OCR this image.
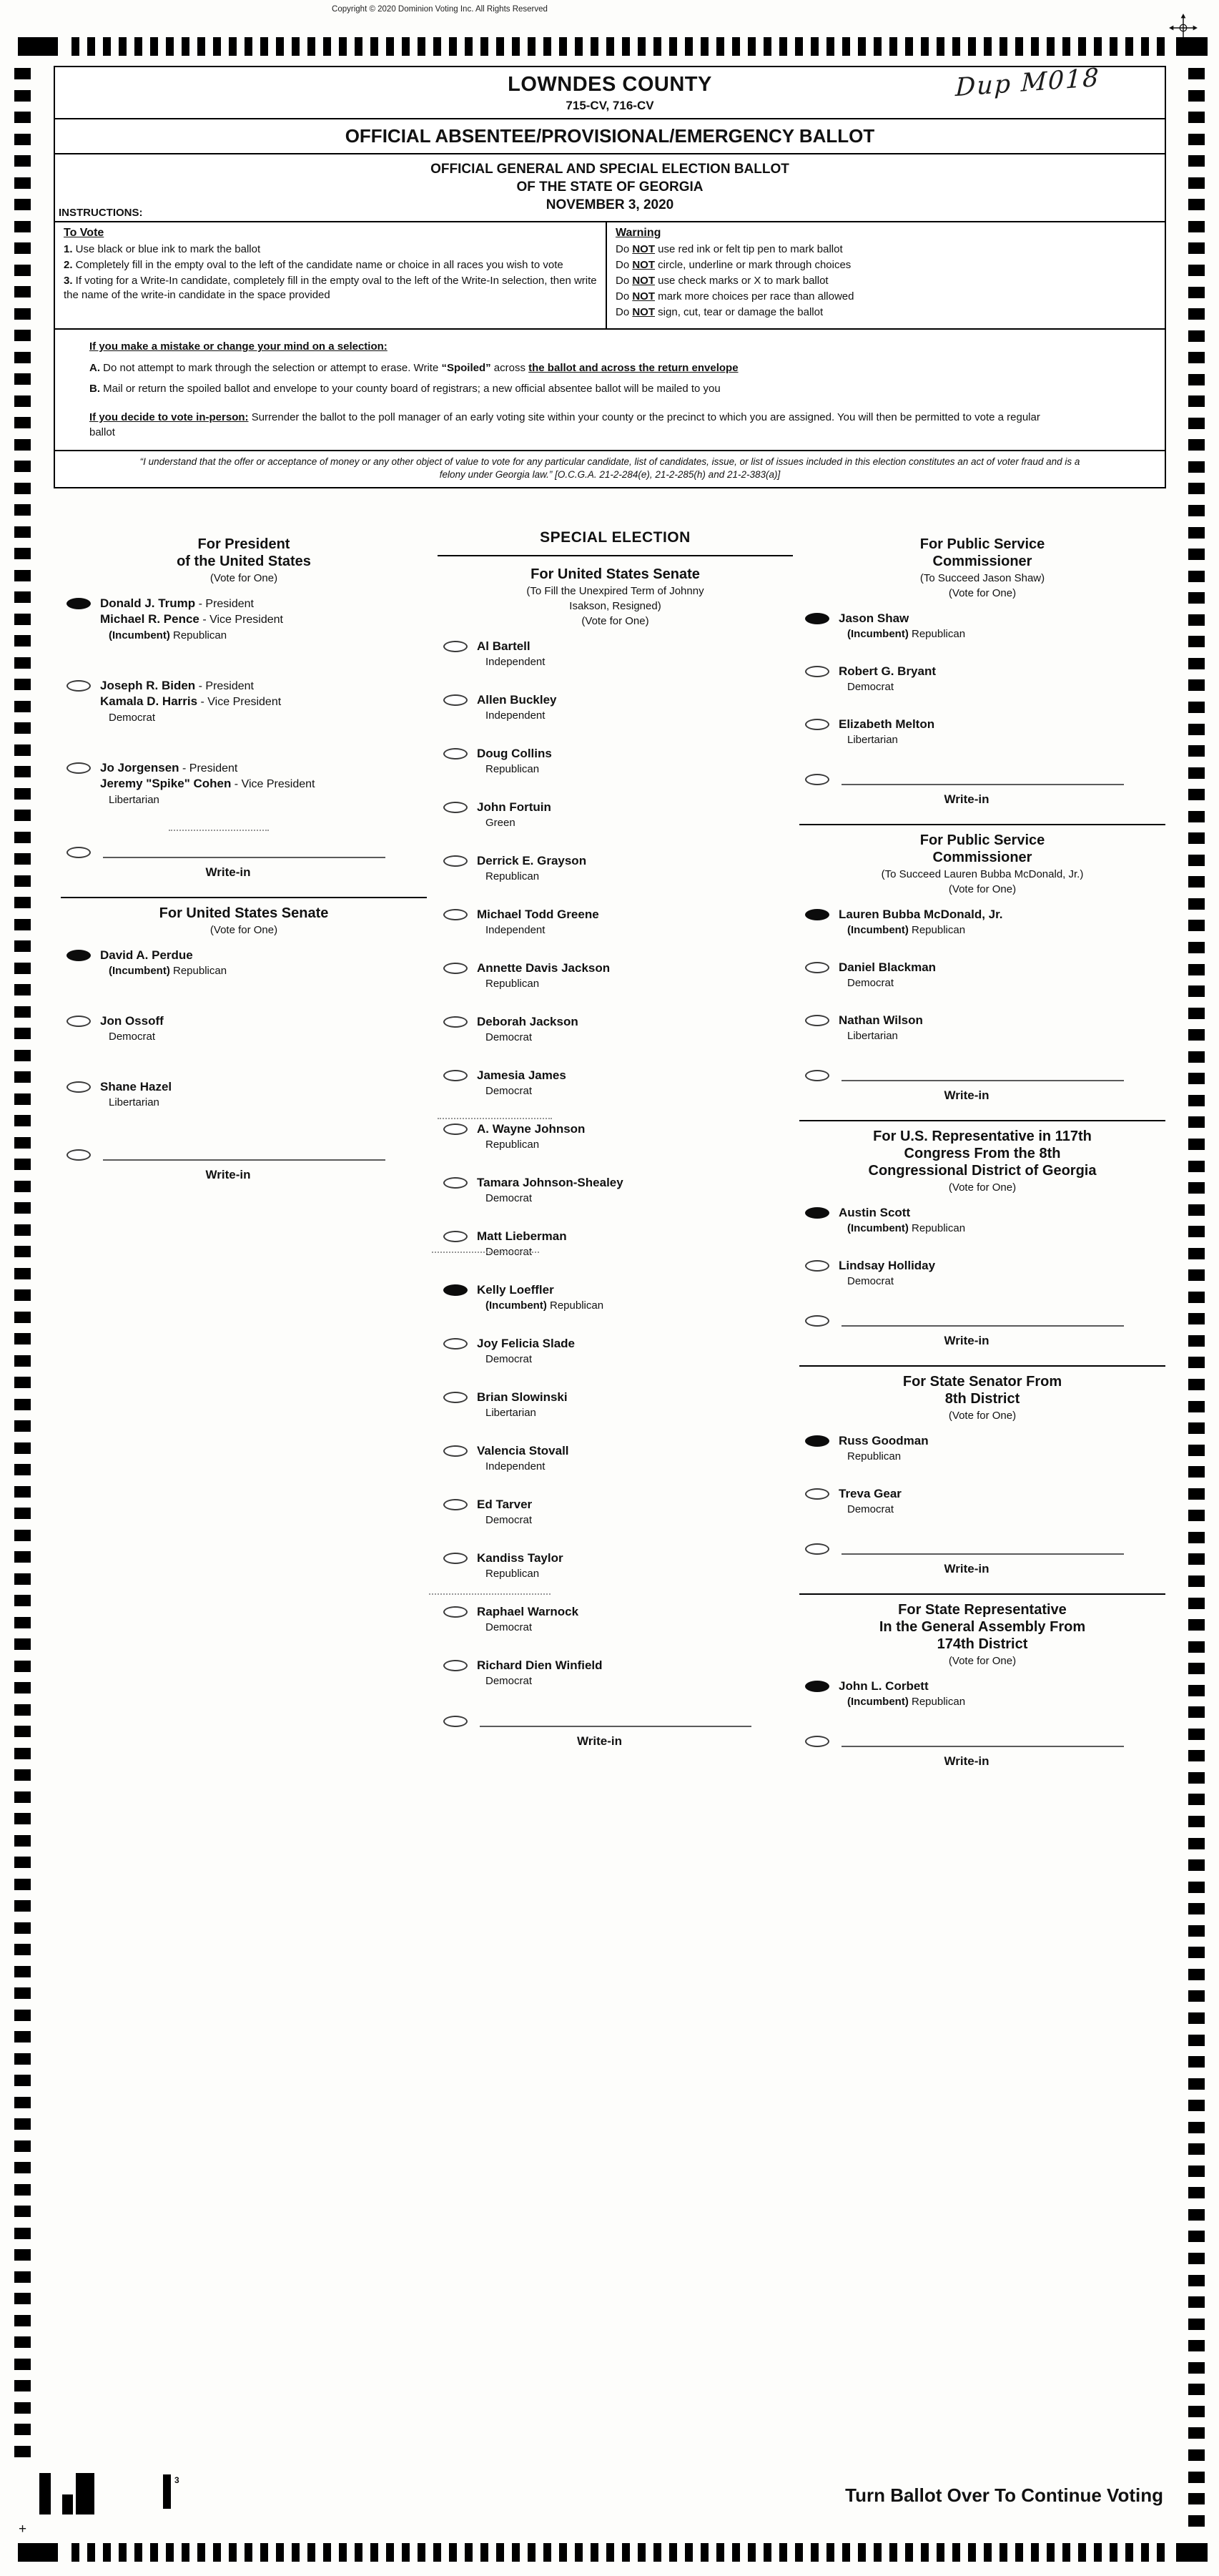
Copyright © 2020 Dominion Voting Inc. All Rights Reserved
LOWNDES COUNTY
715-CV, 716-CV
Dup M018
OFFICIAL ABSENTEE/PROVISIONAL/EMERGENCY BALLOT
OFFICIAL GENERAL AND SPECIAL ELECTION BALLOT
OF THE STATE OF GEORGIA
NOVEMBER 3, 2020
INSTRUCTIONS:
To Vote
1. Use black or blue ink to mark the ballot
2. Completely fill in the empty oval to the left of the candidate name or choice in all races you wish to vote
3. If voting for a Write-In candidate, completely fill in the empty oval to the left of the Write-In selection, then write the name of the write-in candidate in the space provided
Warning
Do NOT use red ink or felt tip pen to mark ballot
Do NOT circle, underline or mark through choices
Do NOT use check marks or X to mark ballot
Do NOT mark more choices per race than allowed
Do NOT sign, cut, tear or damage the ballot
If you make a mistake or change your mind on a selection:
A. Do not attempt to mark through the selection or attempt to erase. Write “Spoiled” across the ballot and across the return envelope
B. Mail or return the spoiled ballot and envelope to your county board of registrars; a new official absentee ballot will be mailed to you
If you decide to vote in-person: Surrender the ballot to the poll manager of an early voting site within your county or the precinct to which you are assigned. You will then be permitted to vote a regular ballot
“I understand that the offer or acceptance of money or any other object of value to vote for any particular candidate, list of candidates, issue, or list of issues included in this election constitutes an act of voter fraud and is a felony under Georgia law.” [O.C.G.A. 21-2-284(e), 21-2-285(h) and 21-2-383(a)]
For President
of the United States
(Vote for One)
Donald J. Trump - President
Michael R. Pence - Vice President
(Incumbent) Republican
Joseph R. Biden - President
Kamala D. Harris - Vice President
Democrat
Jo Jorgensen - President
Jeremy "Spike" Cohen - Vice President
Libertarian
Write-in
For United States Senate
(Vote for One)
David A. Perdue
(Incumbent) Republican
Jon Ossoff
Democrat
Shane Hazel
Libertarian
Write-in
SPECIAL ELECTION
For United States Senate
(To Fill the Unexpired Term of Johnny
Isakson, Resigned)
(Vote for One)
Al Bartell
Independent
Allen Buckley
Independent
Doug Collins
Republican
John Fortuin
Green
Derrick E. Grayson
Republican
Michael Todd Greene
Independent
Annette Davis Jackson
Republican
Deborah Jackson
Democrat
Jamesia James
Democrat
A. Wayne Johnson
Republican
Tamara Johnson-Shealey
Democrat
Matt Lieberman
Democrat
Kelly Loeffler
(Incumbent) Republican
Joy Felicia Slade
Democrat
Brian Slowinski
Libertarian
Valencia Stovall
Independent
Ed Tarver
Democrat
Kandiss Taylor
Republican
Raphael Warnock
Democrat
Richard Dien Winfield
Democrat
Write-in
For Public Service
Commissioner
(To Succeed Jason Shaw)
(Vote for One)
Jason Shaw
(Incumbent) Republican
Robert G. Bryant
Democrat
Elizabeth Melton
Libertarian
Write-in
For Public Service
Commissioner
(To Succeed Lauren Bubba McDonald, Jr.)
(Vote for One)
Lauren Bubba McDonald, Jr.
(Incumbent) Republican
Daniel Blackman
Democrat
Nathan Wilson
Libertarian
Write-in
For U.S. Representative in 117th
Congress From the 8th
Congressional District of Georgia
(Vote for One)
Austin Scott
(Incumbent) Republican
Lindsay Holliday
Democrat
Write-in
For State Senator From
8th District
(Vote for One)
Russ Goodman
Republican
Treva Gear
Democrat
Write-in
For State Representative
In the General Assembly From
174th District
(Vote for One)
John L. Corbett
(Incumbent) Republican
Write-in
Turn Ballot Over To Continue Voting
3
+
